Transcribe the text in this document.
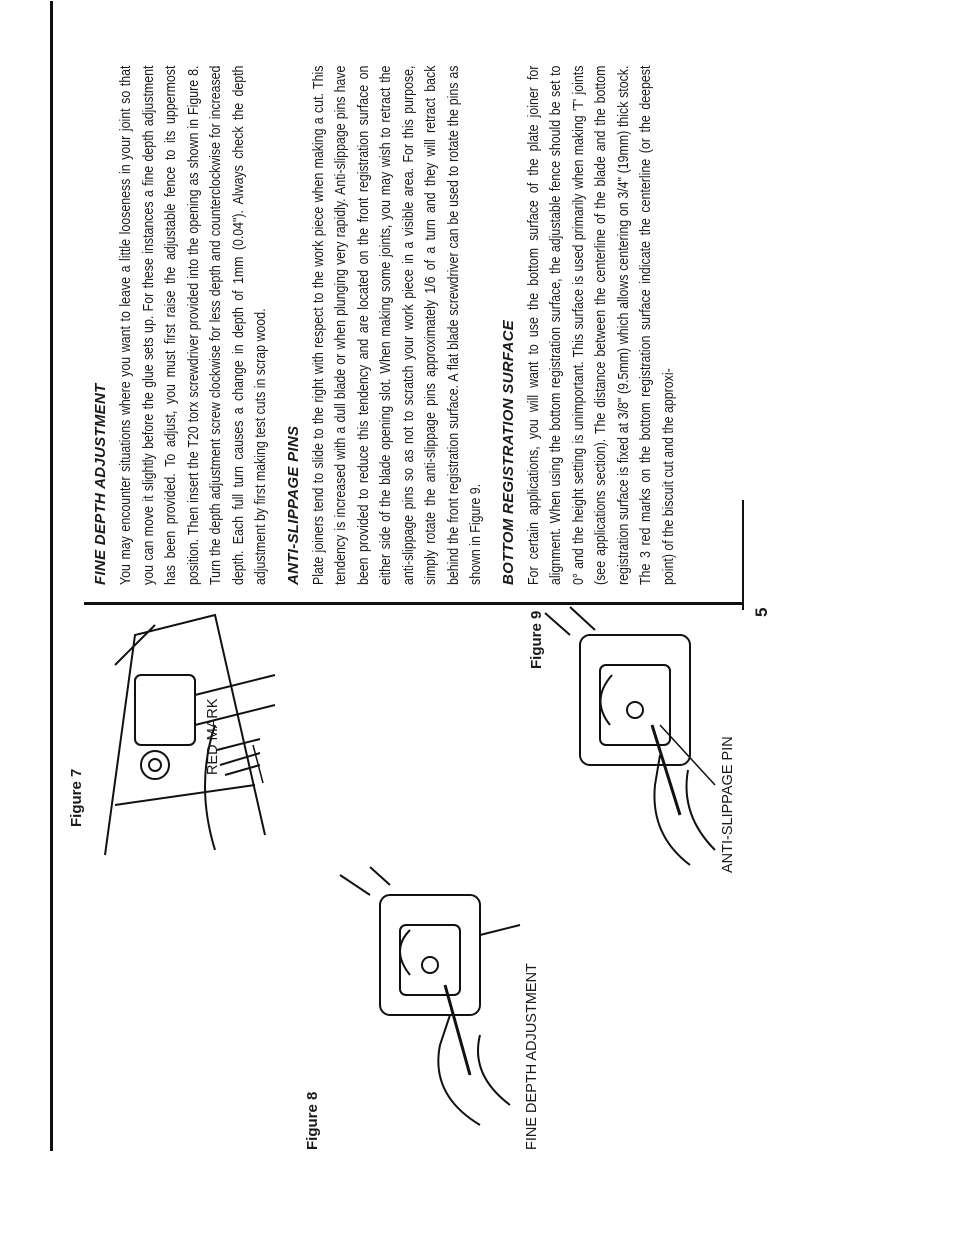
5
FINE DEPTH ADJUSTMENT You may encounter situations where you want to leave a little looseness in your joint so that you can move it slightly before the glue sets up. For these instances a fine depth adjustment has been provided. To adjust, you must first raise the adjustable fence to its uppermost position. Then insert the T20 torx screwdriver provided into the opening as shown in Figure 8. Turn the depth adjustment screw clockwise for less depth and counterclockwise for increased depth. Each full turn causes a change in depth of 1mm (0.04"). Always check the depth adjustment by first making test cuts in scrap wood. ANTI-SLIPPAGE PINS Plate joiners tend to slide to the right with respect to the work piece when making a cut. This tendency is increased with a dull blade or when plunging very rapidly. Anti-slippage pins have been provided to reduce this tendency and are located on the front registration surface on either side of the blade opening slot. When making some joints, you may wish to retract the anti-slippage pins so as not to scratch your work piece in a visible area. For this purpose, simply rotate the anti-slippage pins approximately 1/6 of a turn and they will retract back behind the front registration surface. A flat blade screwdriver can be used to rotate the pins as shown in Figure 9. BOTTOM REGISTRATION SURFACE For certain applications, you will want to use the bottom surface of the plate joiner for alignment. When using the bottom registration surface, the adjustable fence should be set to 0° and the height setting is unimportant. This surface is used primarily when making 'T' joints (see applications section). The distance between the centerline of the blade and the bottom registration surface is fixed at 3/8" (9.5mm) which allows centering on 3/4" (19mm) thick stock. The 3 red marks on the bottom registration surface indicate the centerline (or the deepest point) of the biscuit cut and the approxi-
Figure 7
RED MARK
Figure 8	FINE DEPTH ADJUSTMENT
Figure 9
ANTI-SLIPPAGE PIN
